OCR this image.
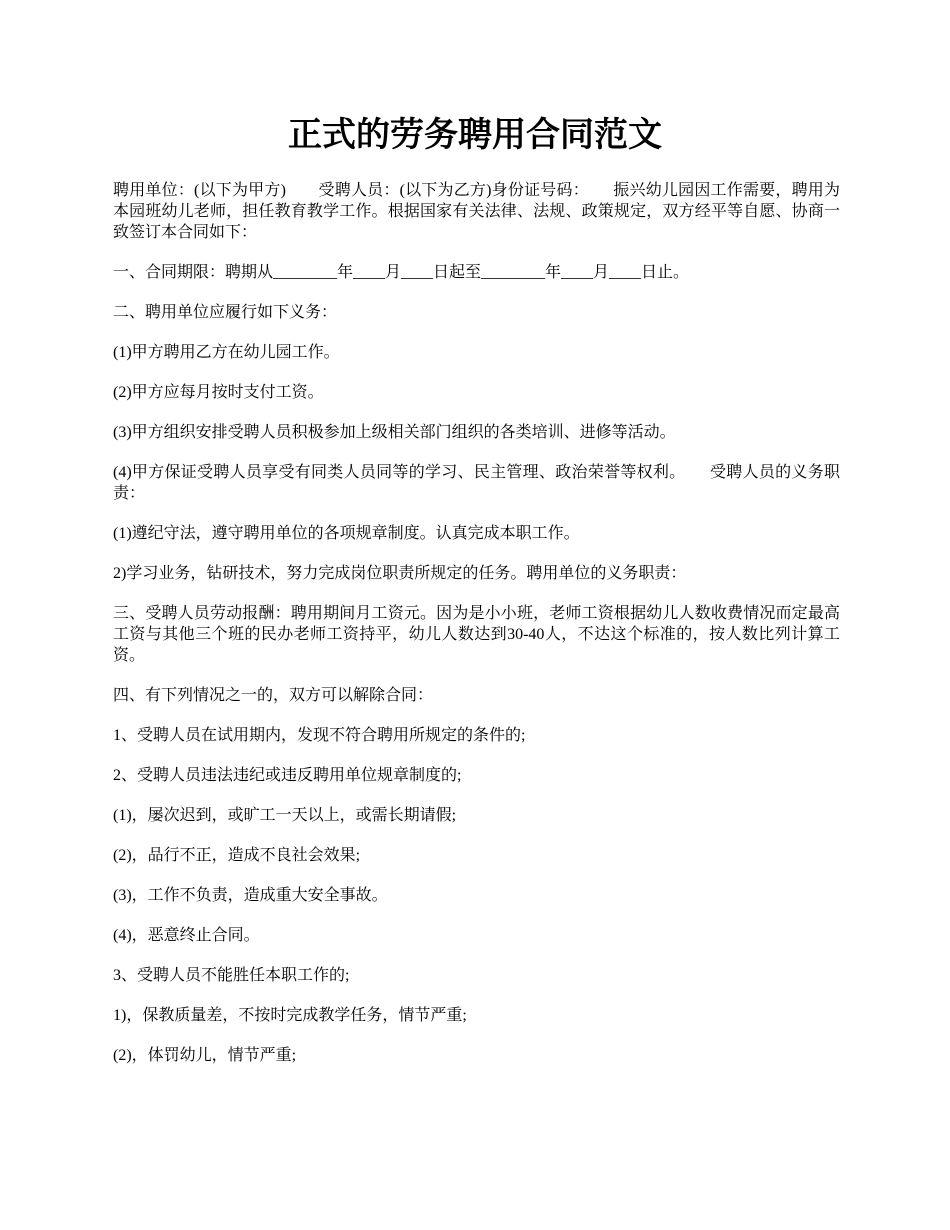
正式的劳务聘用合同范文

聘用单位：(以下为甲方)　　受聘人员：(以下为乙方)身份证号码：　　振兴幼儿园因工作需要，聘用为本园班幼儿老师，担任教育教学工作。根据国家有关法律、法规、政策规定，双方经平等自愿、协商一致签订本合同如下：

一、合同期限：聘期从________年____月____日起至________年____月____日止。

二、聘用单位应履行如下义务：

(1)甲方聘用乙方在幼儿园工作。

(2)甲方应每月按时支付工资。

(3)甲方组织安排受聘人员积极参加上级相关部门组织的各类培训、进修等活动。

(4)甲方保证受聘人员享受有同类人员同等的学习、民主管理、政治荣誉等权利。　　受聘人员的义务职责：

(1)遵纪守法，遵守聘用单位的各项规章制度。认真完成本职工作。

2)学习业务，钻研技术，努力完成岗位职责所规定的任务。聘用单位的义务职责：

三、受聘人员劳动报酬：聘用期间月工资元。因为是小小班，老师工资根据幼儿人数收费情况而定最高工资与其他三个班的民办老师工资持平，幼儿人数达到30-40人，不达这个标准的，按人数比列计算工资。

四、有下列情况之一的，双方可以解除合同：

1、受聘人员在试用期内，发现不符合聘用所规定的条件的;

2、受聘人员违法违纪或违反聘用单位规章制度的;

(1)，屡次迟到，或旷工一天以上，或需长期请假;

(2)，品行不正，造成不良社会效果;

(3)，工作不负责，造成重大安全事故。

(4)，恶意终止合同。

3、受聘人员不能胜任本职工作的;

1)，保教质量差，不按时完成教学任务，情节严重;

(2)，体罚幼儿，情节严重;
